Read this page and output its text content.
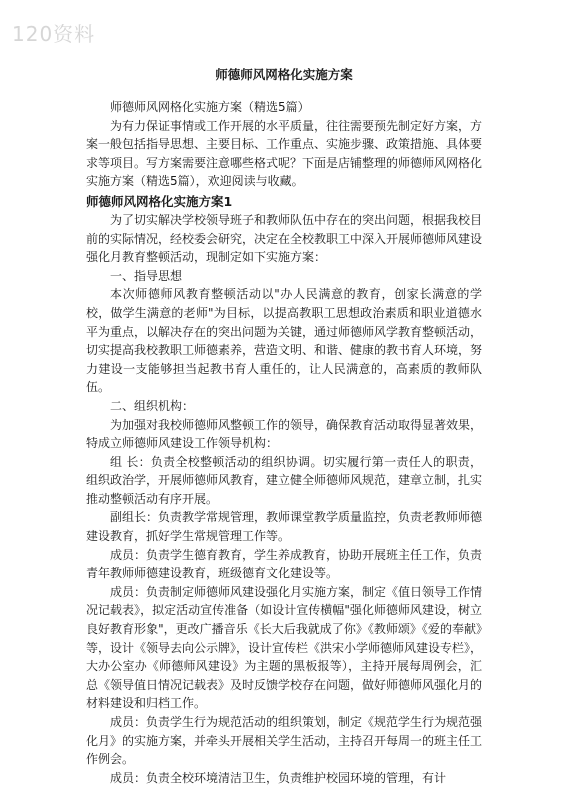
120资料
师德师风网格化实施方案

师德师风网格化实施方案（精选5篇）

为有力保证事情或工作开展的水平质量，往往需要预先制定好方案，方案一般包括指导思想、主要目标、工作重点、实施步骤、政策措施、具体要求等项目。写方案需要注意哪些格式呢？下面是店铺整理的师德师风网格化实施方案（精选5篇），欢迎阅读与收藏。

师德师风网格化实施方案1

为了切实解决学校领导班子和教师队伍中存在的突出问题，根据我校目前的实际情况，经校委会研究，决定在全校教职工中深入开展师德师风建设强化月教育整顿活动，现制定如下实施方案：

一、指导思想

本次师德师风教育整顿活动以"办人民满意的教育，创家长满意的学校，做学生满意的老师"为目标，以提高教职工思想政治素质和职业道德水平为重点，以解决存在的突出问题为关键，通过师德师风学教育整顿活动，切实提高我校教职工师德素养，营造文明、和谐、健康的教书育人环境，努力建设一支能够担当起教书育人重任的，让人民满意的，高素质的教师队伍。

二、组织机构：

为加强对我校师德师风整顿工作的领导，确保教育活动取得显著效果，特成立师德师风建设工作领导机构：

组 长：负责全校整顿活动的组织协调。切实履行第一责任人的职责，组织政治学，开展师德师风教育，建立健全师德师风规范，建章立制，扎实推动整顿活动有序开展。

副组长：负责教学常规管理，教师课堂教学质量监控，负责老教师师德建设教育，抓好学生常规管理工作等。

成员：负责学生德育教育，学生养成教育，协助开展班主任工作，负责青年教师师德建设教育，班级德育文化建设等。

成员：负责制定师德师风建设强化月实施方案，制定《值日领导工作情况记载表》，拟定活动宣传准备（如设计宣传横幅"强化师德师风建设，树立良好教育形象"，更改广播音乐《长大后我就成了你》《教师颂》《爱的奉献》等，设计《领导去向公示牌》，设计宣传栏《洪宋小学师德师风建设专栏》，大办公室办《师德师风建设》为主题的黑板报等），主持开展每周例会，汇总《领导值日情况记载表》及时反馈学校存在问题，做好师德师风强化月的材料建设和归档工作。

成员：负责学生行为规范活动的组织策划，制定《规范学生行为规范强化月》的实施方案，并牵头开展相关学生活动，主持召开每周一的班主任工作例会。

成员：负责全校环境清洁卫生，负责维护校园环境的管理，有计
